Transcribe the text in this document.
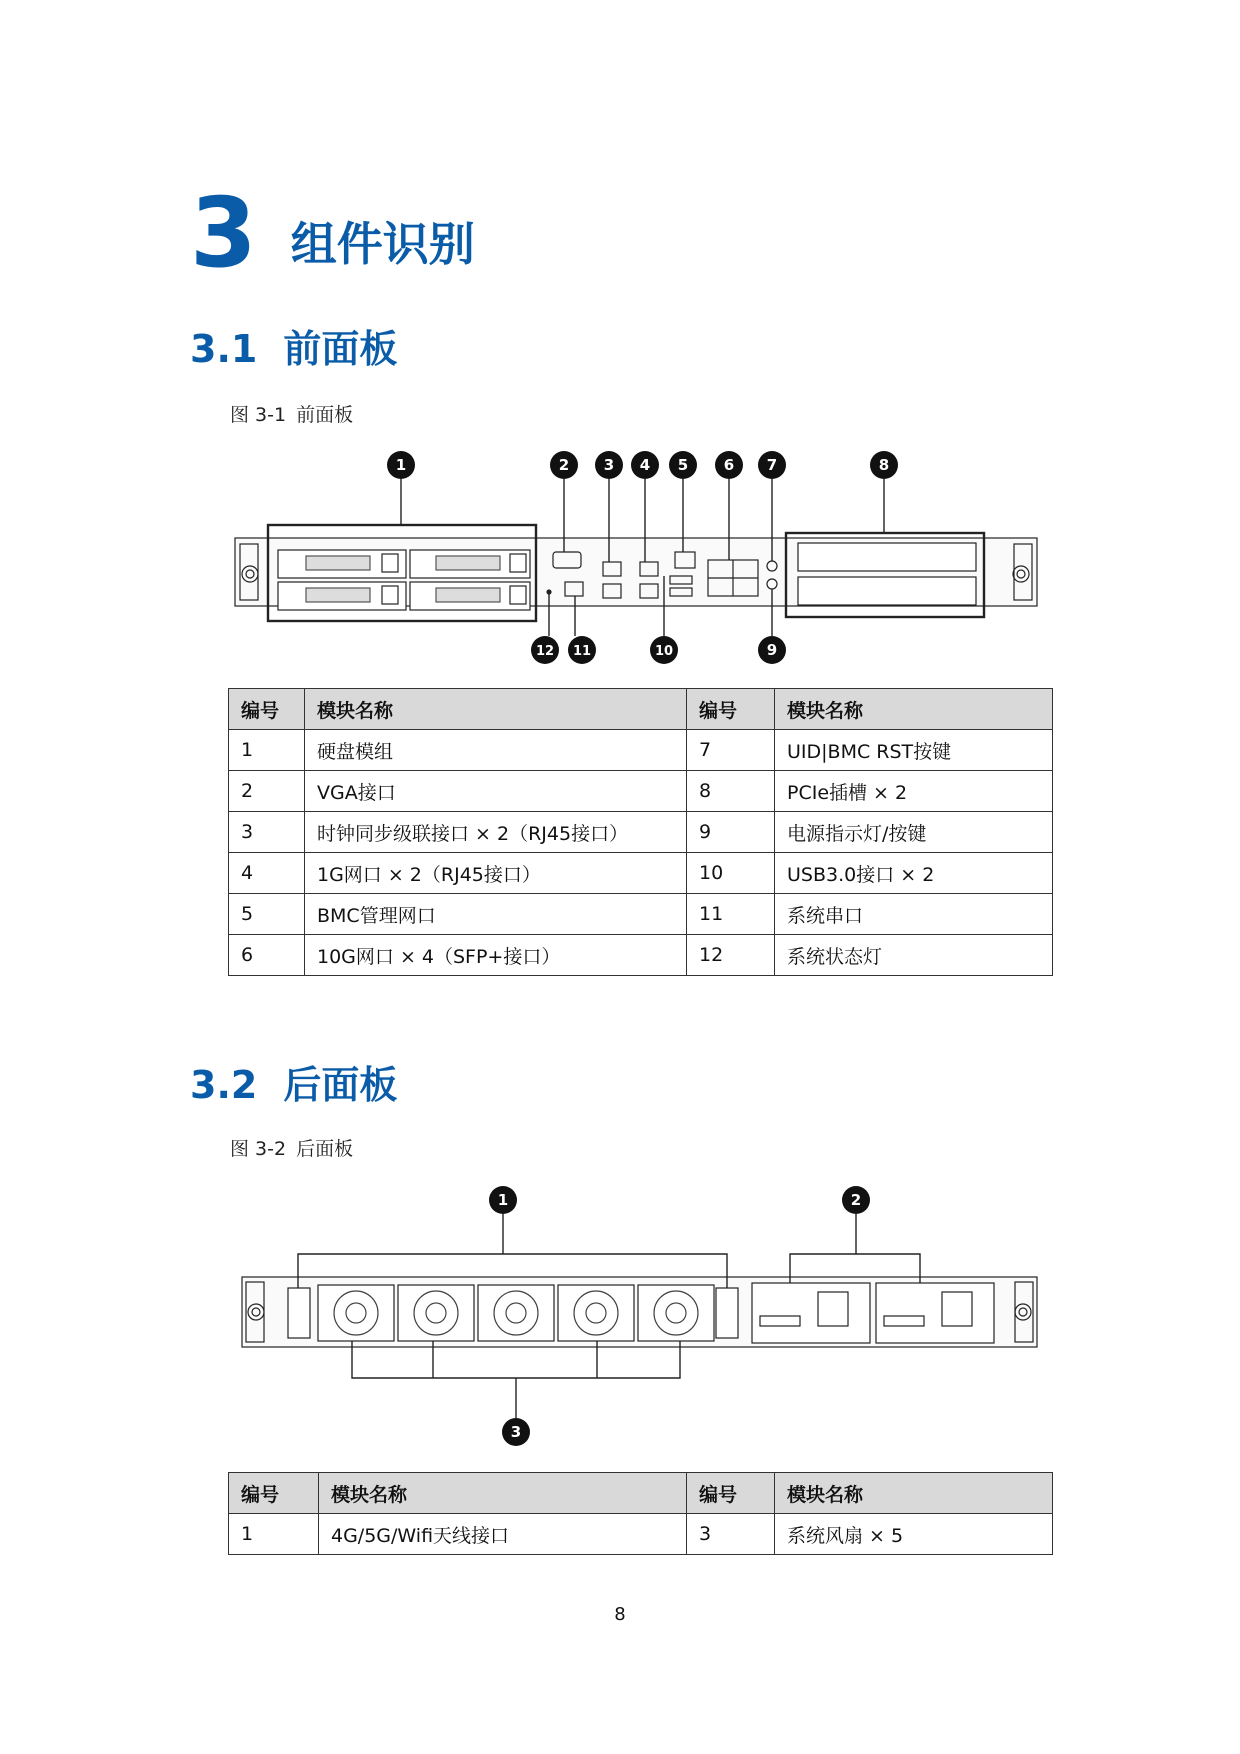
3 组件识别
3.1 前面板
图 3-1 前面板
1	2 3 4 5 6 7	8
9
10
11
12
编号	模块名称	编号	模块名称
1	硬盘模组	7	UID|BMC RST按键
2	VGA接口	8	PCIe插槽 × 2
3	时钟同步级联接口 × 2（RJ45接口）	9	电源指示灯/按键
4	1G网口 × 2（RJ45接口）	10	USB3.0接口 × 2
5	BMC管理网口	11	系统串口
6	10G网口 × 4（SFP+接口）	12	系统状态灯
3.2 后面板
图 3-2 后面板
1	2
3
编号	模块名称	编号	模块名称
1	4G/5G/Wifi天线接口	3	系统风扇 × 5
8
